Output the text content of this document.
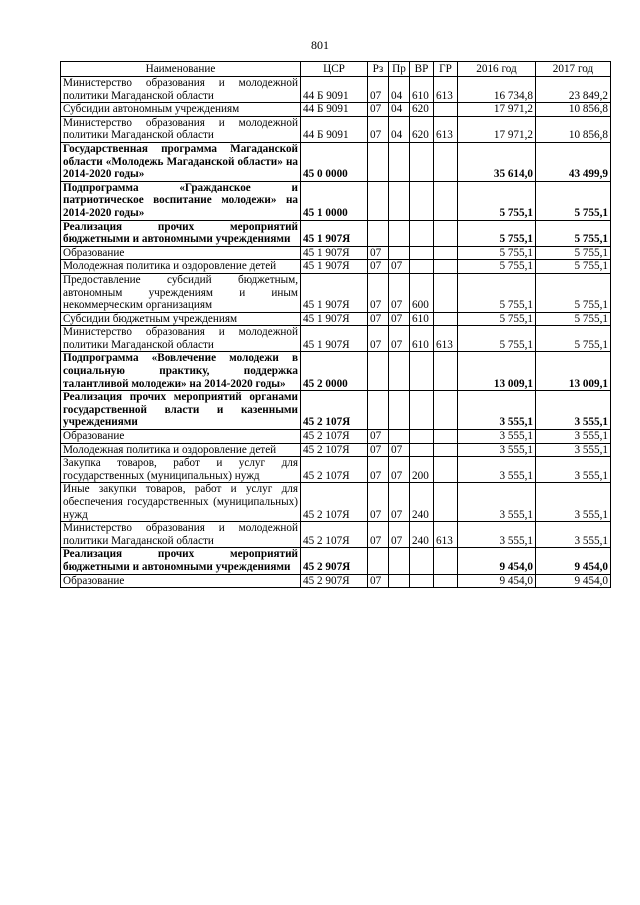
801
Наименование	ЦСР	Рз	Пр	ВР	ГР	2016 год	2017 год
Министерство образования и молодежной политики Магаданской области	44 Б 9091	07	04	610	613	16 734,8	23 849,2
Субсидии автономным учреждениям	44 Б 9091	07	04	620		17 971,2	10 856,8
Министерство образования и молодежной политики Магаданской области	44 Б 9091	07	04	620	613	17 971,2	10 856,8
Государственная программа Магаданской области «Молодежь Магаданской области» на 2014-2020 годы»	45 0 0000					35 614,0	43 499,9
Подпрограмма «Гражданское и патриотическое воспитание молодежи» на 2014-2020 годы»	45 1 0000					5 755,1	5 755,1
Реализация прочих мероприятий бюджетными и автономными учреждениями	45 1 907Я					5 755,1	5 755,1
Образование	45 1 907Я	07				5 755,1	5 755,1
Молодежная политика и оздоровление детей	45 1 907Я	07	07			5 755,1	5 755,1
Предоставление субсидий бюджетным, автономным учреждениям и иным некоммерческим организациям	45 1 907Я	07	07	600		5 755,1	5 755,1
Субсидии бюджетным учреждениям	45 1 907Я	07	07	610		5 755,1	5 755,1
Министерство образования и молодежной политики Магаданской области	45 1 907Я	07	07	610	613	5 755,1	5 755,1
Подпрограмма «Вовлечение молодежи в социальную практику, поддержка талантливой молодежи» на 2014-2020 годы»	45 2 0000					13 009,1	13 009,1
Реализация прочих мероприятий органами государственной власти и казенными учреждениями	45 2 107Я					3 555,1	3 555,1
Образование	45 2 107Я	07				3 555,1	3 555,1
Молодежная политика и оздоровление детей	45 2 107Я	07	07			3 555,1	3 555,1
Закупка товаров, работ и услуг для государственных (муниципальных) нужд	45 2 107Я	07	07	200		3 555,1	3 555,1
Иные закупки товаров, работ и услуг для обеспечения государственных (муниципальных) нужд	45 2 107Я	07	07	240		3 555,1	3 555,1
Министерство образования и молодежной политики Магаданской области	45 2 107Я	07	07	240	613	3 555,1	3 555,1
Реализация прочих мероприятий бюджетными и автономными учреждениями	45 2 907Я					9 454,0	9 454,0
Образование	45 2 907Я	07				9 454,0	9 454,0
